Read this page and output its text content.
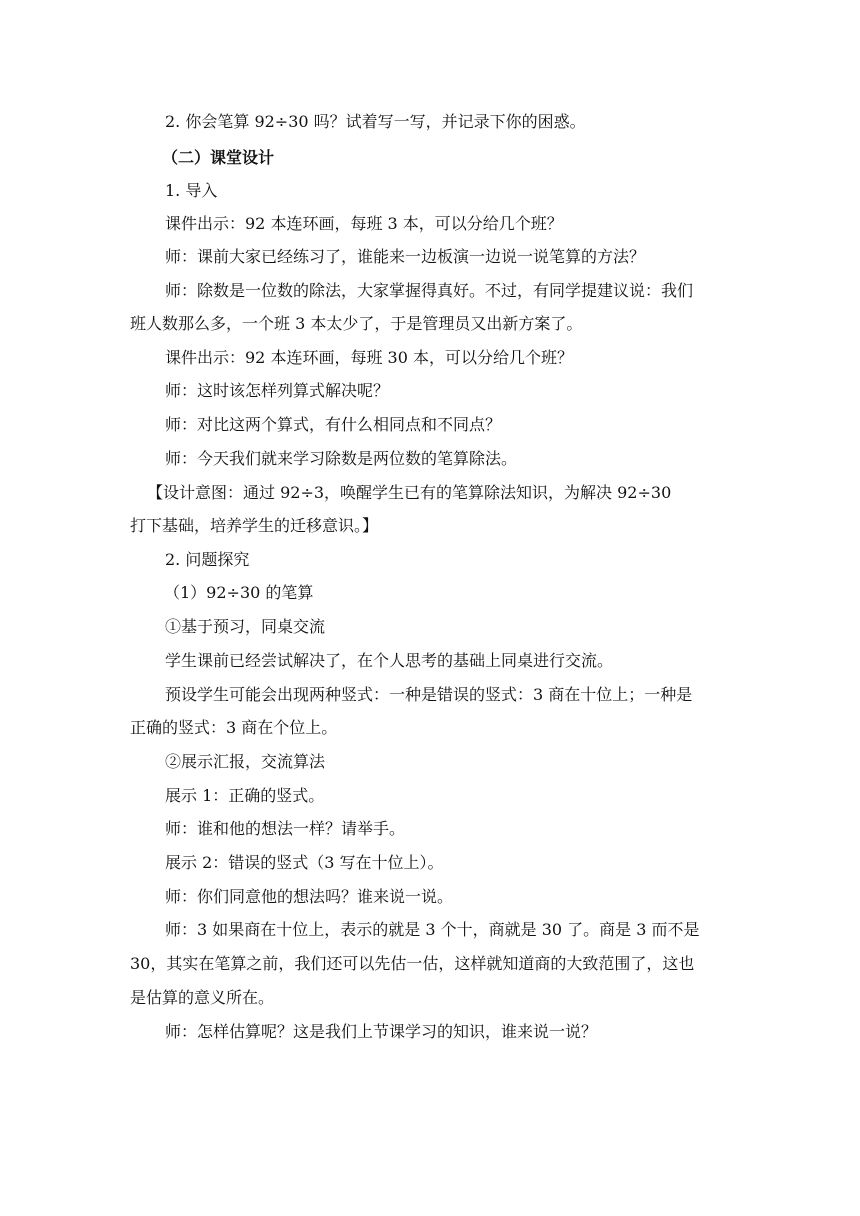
2. 你会笔算 92÷30 吗？试着写一写，并记录下你的困惑。
（二）课堂设计
1. 导入
课件出示：92 本连环画，每班 3 本，可以分给几个班？
师：课前大家已经练习了，谁能来一边板演一边说一说笔算的方法？
师：除数是一位数的除法，大家掌握得真好。不过，有同学提建议说：我们
班人数那么多，一个班 3 本太少了，于是管理员又出新方案了。
课件出示：92 本连环画，每班 30 本，可以分给几个班？
师：这时该怎样列算式解决呢？
师：对比这两个算式，有什么相同点和不同点？
师：今天我们就来学习除数是两位数的笔算除法。
【设计意图：通过 92÷3，唤醒学生已有的笔算除法知识，为解决 92÷30
打下基础，培养学生的迁移意识。】
2. 问题探究
（1）92÷30 的笔算
①基于预习，同桌交流
学生课前已经尝试解决了，在个人思考的基础上同桌进行交流。
预设学生可能会出现两种竖式：一种是错误的竖式：3 商在十位上；一种是
正确的竖式：3 商在个位上。
②展示汇报，交流算法
展示 1：正确的竖式。
师：谁和他的想法一样？请举手。
展示 2：错误的竖式（3 写在十位上）。
师：你们同意他的想法吗？谁来说一说。
师：3 如果商在十位上，表示的就是 3 个十，商就是 30 了。商是 3 而不是
30，其实在笔算之前，我们还可以先估一估，这样就知道商的大致范围了，这也
是估算的意义所在。
师：怎样估算呢？这是我们上节课学习的知识，谁来说一说？
